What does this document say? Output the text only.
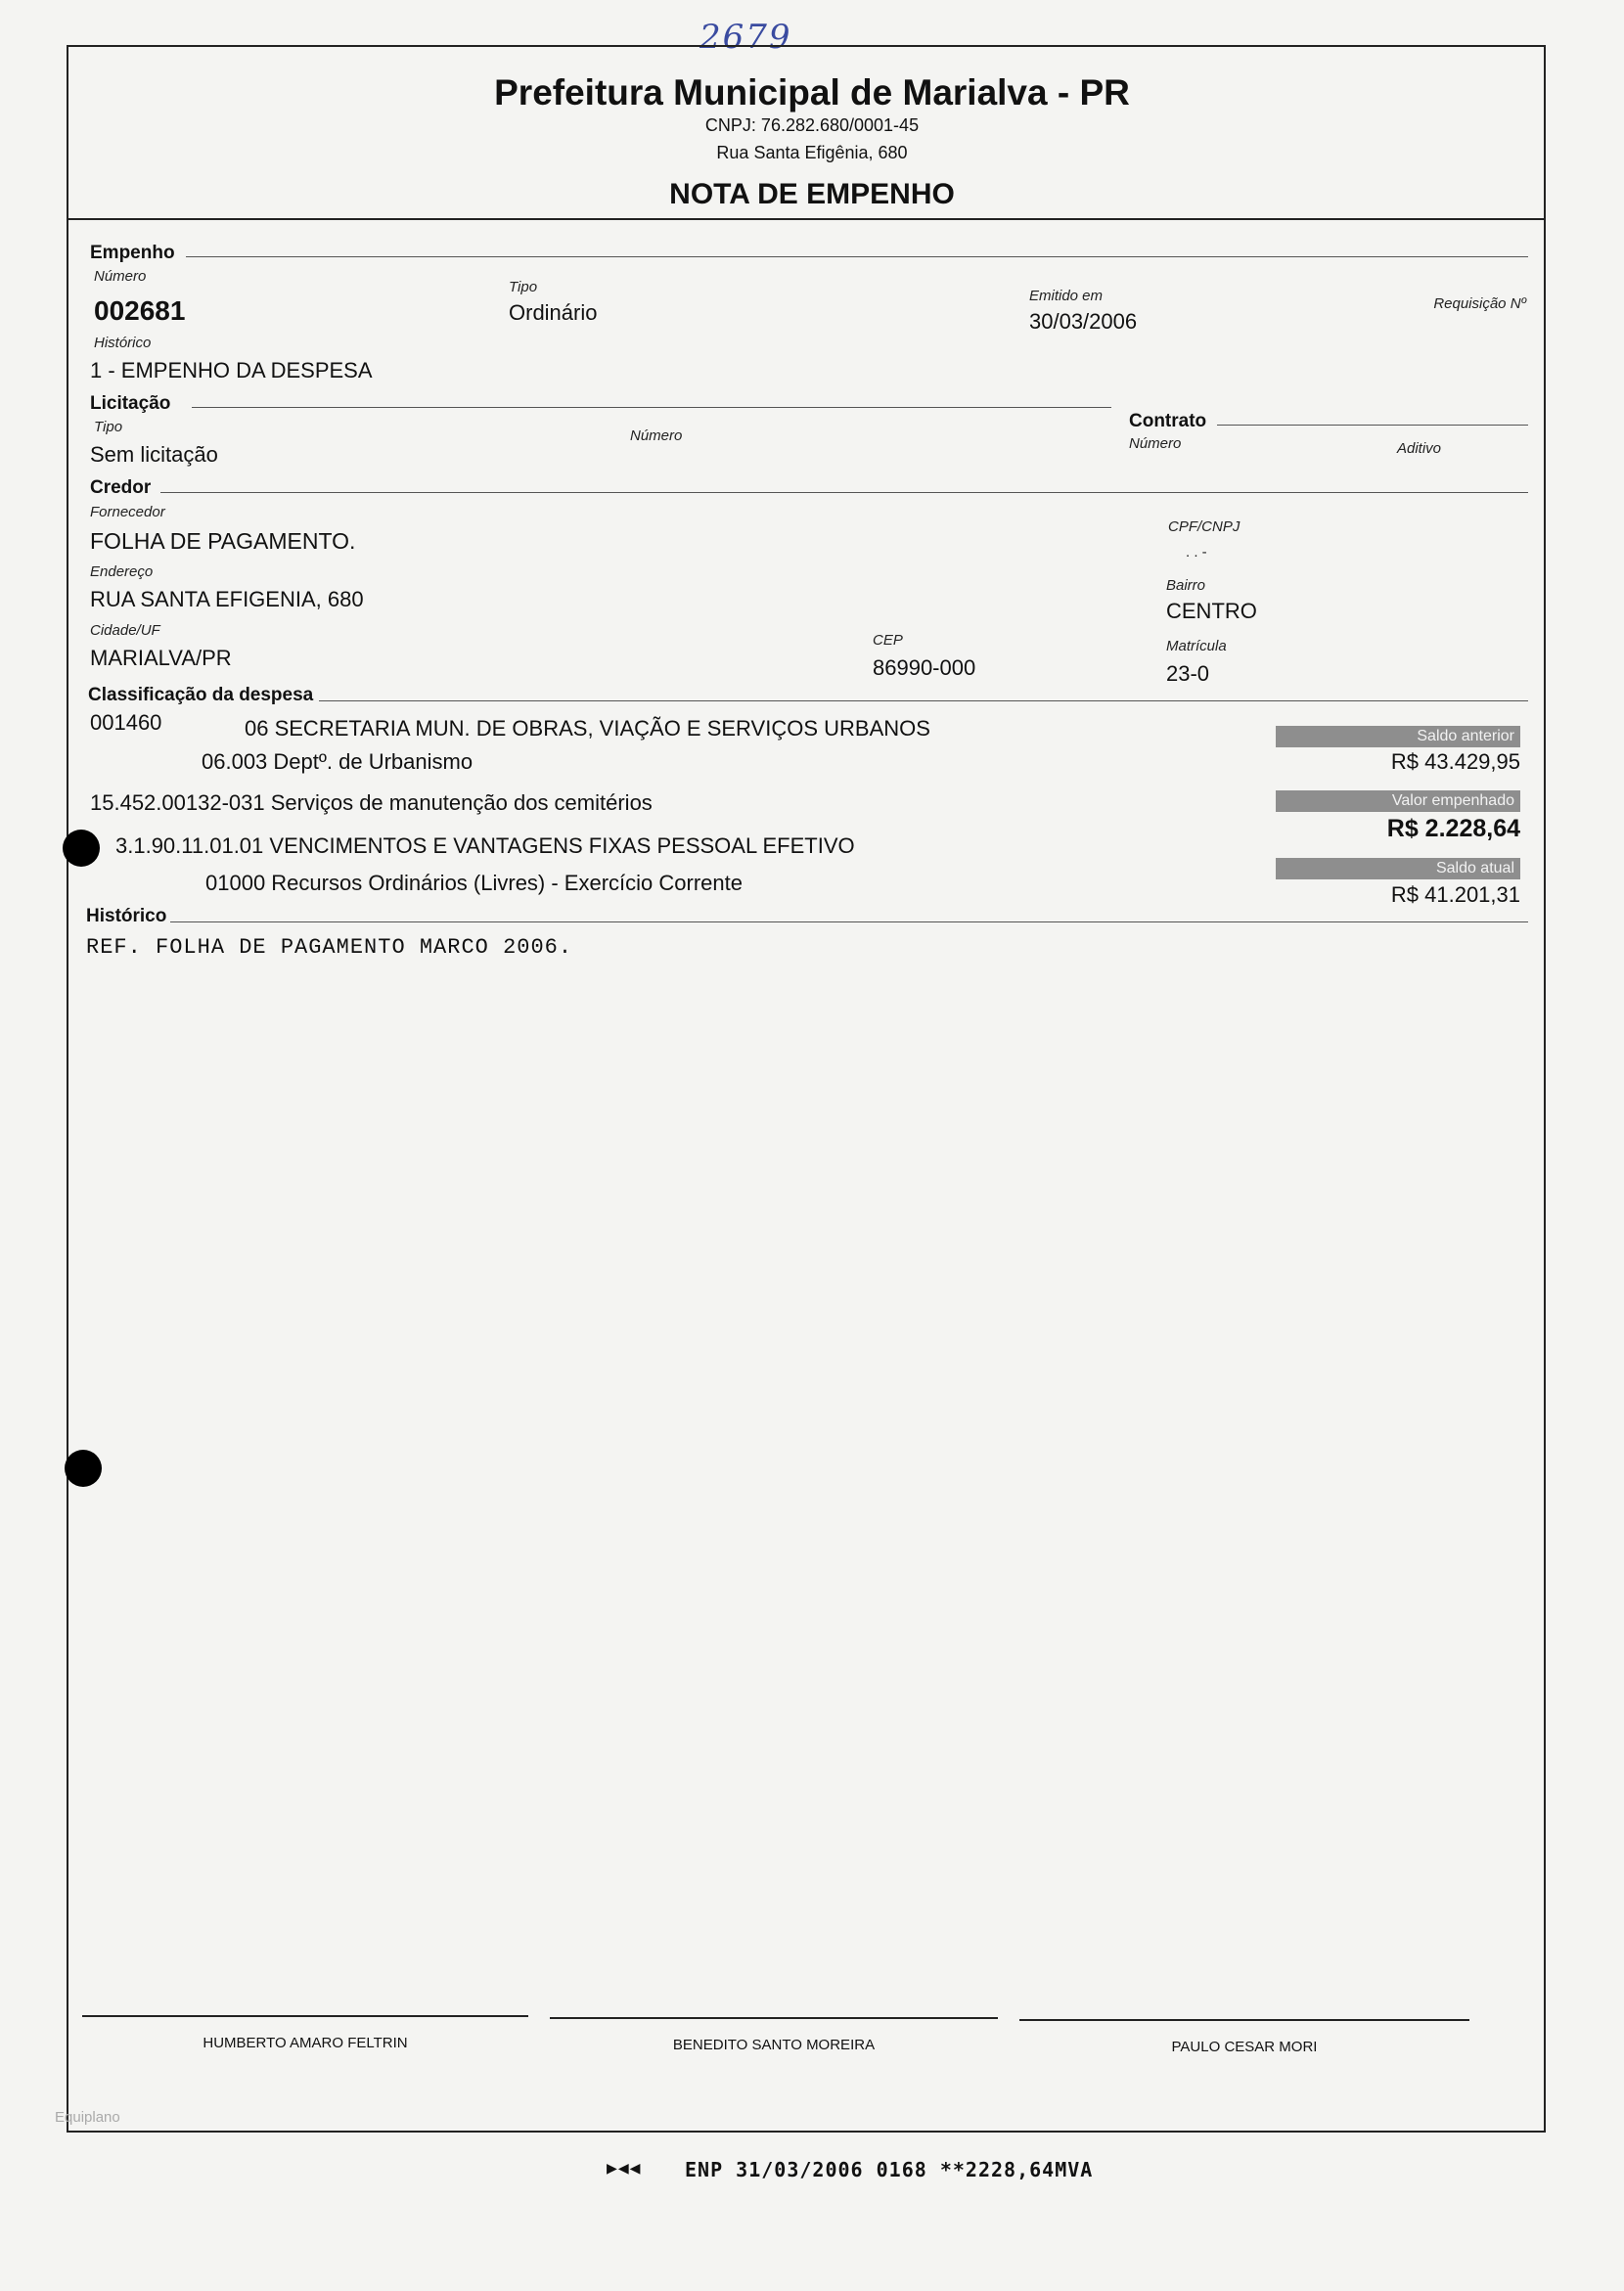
2679
Prefeitura Municipal de Marialva - PR
CNPJ: 76.282.680/0001-45
Rua Santa Efigênia, 680
NOTA DE EMPENHO
Empenho
Número
002681
Tipo
Ordinário
Emitido em
30/03/2006
Requisição Nº
Histórico
1 - EMPENHO DA DESPESA
Licitação
Tipo
Sem licitação
Número
Contrato
Número	Aditivo
Credor
Fornecedor
FOLHA DE PAGAMENTO.
CPF/CNPJ
. . -
Endereço
RUA SANTA EFIGENIA, 680
Bairro
CENTRO
Cidade/UF
MARIALVA/PR
CEP
86990-000
Matrícula
23-0
Classificação da despesa
001460	06 SECRETARIA MUN. DE OBRAS, VIAÇÃO E SERVIÇOS URBANOS
06.003 Deptº. de Urbanismo
15.452.00132-031 Serviços de manutenção dos cemitérios
3.1.90.11.01.01 VENCIMENTOS E VANTAGENS FIXAS PESSOAL EFETIVO
01000 Recursos Ordinários (Livres) - Exercício Corrente
Saldo anterior
R$ 43.429,95
Valor empenhado
R$ 2.228,64
Saldo atual
R$ 41.201,31
Histórico
REF. FOLHA DE PAGAMENTO MARCO 2006.
HUMBERTO AMARO FELTRIN	BENEDITO SANTO MOREIRA	PAULO CESAR MORI
Equiplano
▶◀◀ ENP 31/03/2006 0168 **2228,64MVA
